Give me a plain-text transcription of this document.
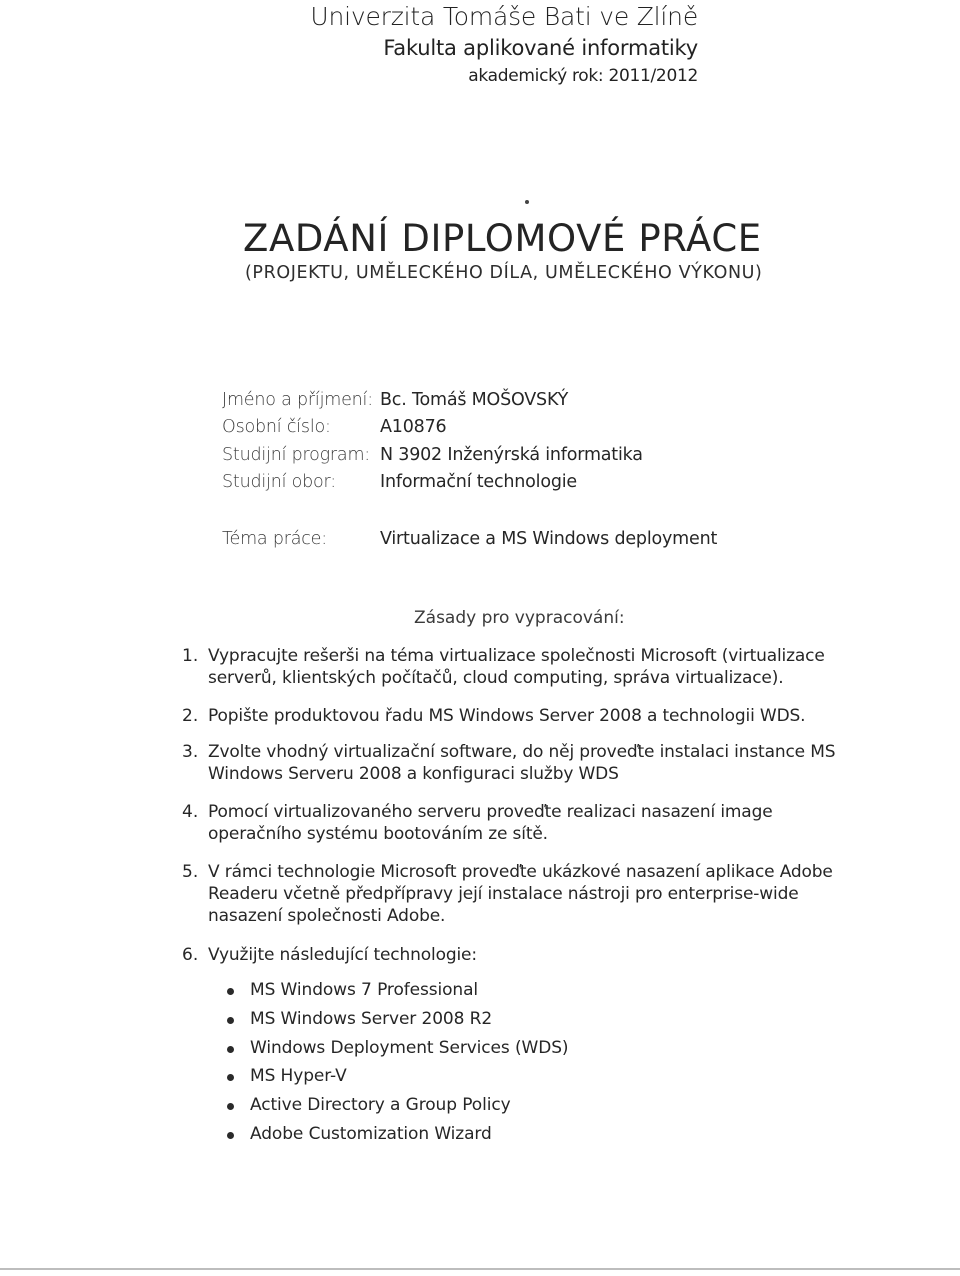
Univerzita Tomáše Bati ve Zlíně
Fakulta aplikované informatiky
akademický rok: 2011/2012
ZADÁNÍ DIPLOMOVÉ PRÁCE
(PROJEKTU, UMĚLECKÉHO DÍLA, UMĚLECKÉHO VÝKONU)
Jméno a příjmení: Bc. Tomáš MOŠOVSKÝ
Osobní číslo:	A10876
Studijní program: N 3902 Inženýrská informatika
Studijní obor:	Informační technologie
Téma práce:	Virtualizace a MS Windows deployment
Zásady pro vypracování:
1. Vypracujte rešerši na téma virtualizace společnosti Microsoft (virtualizace serverů, klientských počítačů, cloud computing, správa virtualizace).
2. Popište produktovou řadu MS Windows Server 2008 a technologii WDS.
3. Zvolte vhodný virtualizační software, do něj proveďte instalaci instance MS Windows Serveru 2008 a konfiguraci služby WDS
4. Pomocí virtualizovaného serveru proveďte realizaci nasazení image operačního systému bootováním ze sítě.
5. V rámci technologie Microsoft proveďte ukázkové nasazení aplikace Adobe Readeru včetně předpřípravy její instalace nástroji pro enterprise-wide nasazení společnosti Adobe.
6. Využijte následující technologie:
MS Windows 7 Professional
MS Windows Server 2008 R2
Windows Deployment Services (WDS)
MS Hyper-V
Active Directory a Group Policy
Adobe Customization Wizard
